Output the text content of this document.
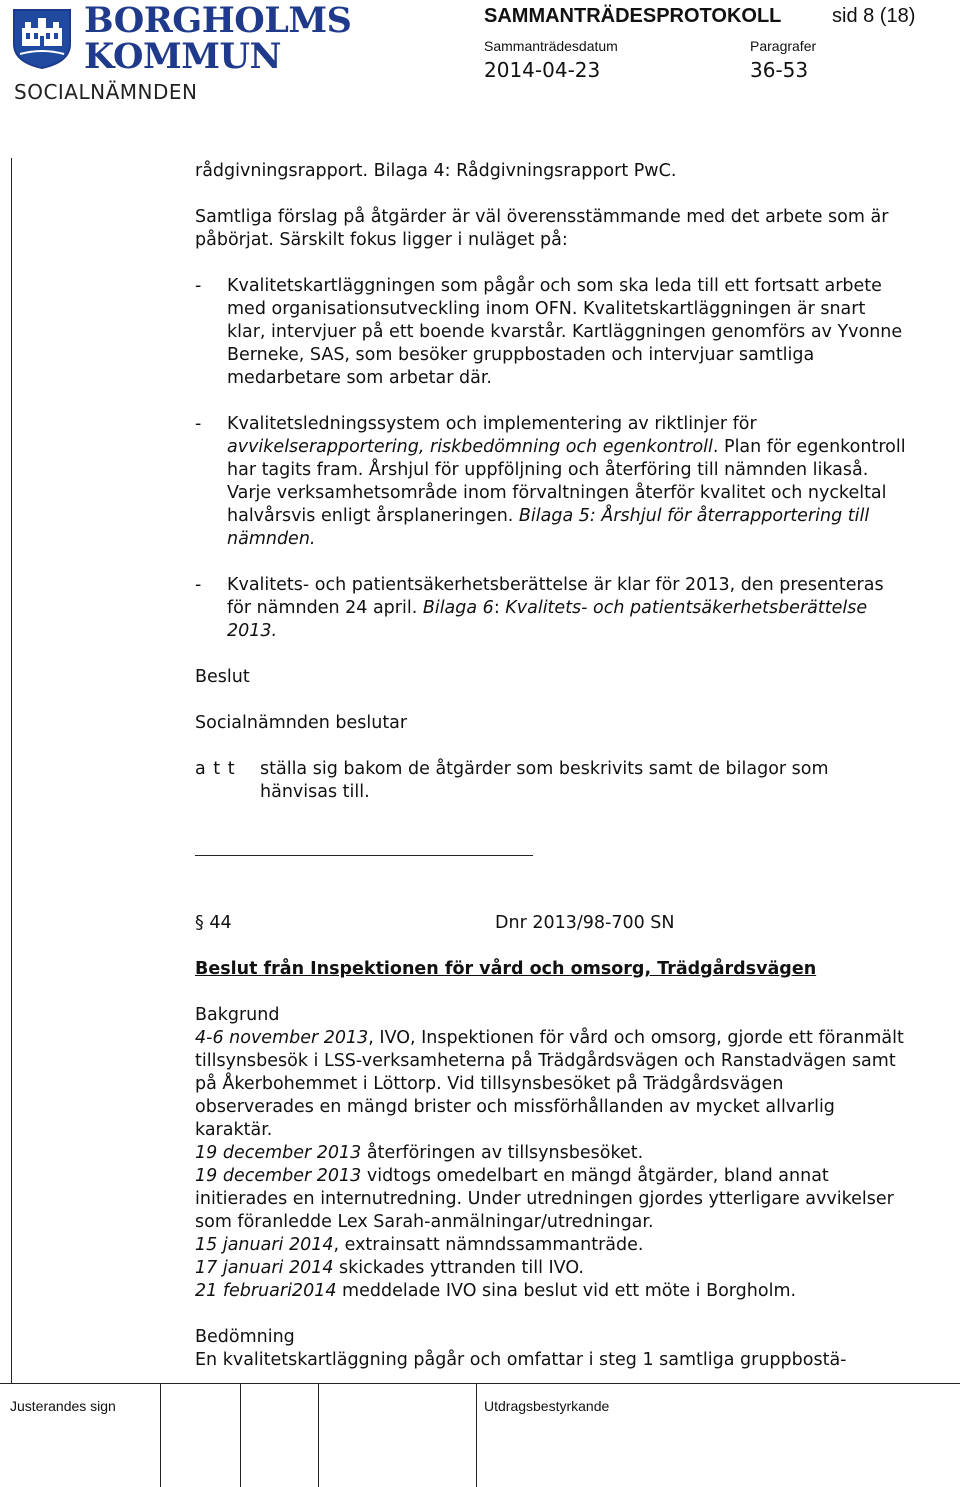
BORGHOLMS
KOMMUN
SOCIALNÄMNDEN
SAMMANTRÄDESPROTOKOLL	sid 8 (18)
Sammanträdesdatum	Paragrafer
2014-04-23	36-53

rådgivningsrapport. Bilaga 4: Rådgivningsrapport PwC.

Samtliga förslag på åtgärder är väl överensstämmande med det arbete som är påbörjat. Särskilt fokus ligger i nuläget på:

-	Kvalitetskartläggningen som pågår och som ska leda till ett fortsatt arbete med organisationsutveckling inom OFN. Kvalitetskartläggningen är snart klar, intervjuer på ett boende kvarstår. Kartläggningen genomförs av Yvonne Berneke, SAS, som besöker gruppbostaden och intervjuar samtliga medarbetare som arbetar där.
-	Kvalitetsledningssystem och implementering av riktlinjer för avvikelserapportering, riskbedömning och egenkontroll. Plan för egenkontroll har tagits fram. Årshjul för uppföljning och återföring till nämnden likaså. Varje verksamhetsområde inom förvaltningen återför kvalitet och nyckeltal halvårsvis enligt årsplaneringen. Bilaga 5: Årshjul för återrapportering till nämnden.
-	Kvalitets- och patientsäkerhetsberättelse är klar för 2013, den presenteras för nämnden 24 april. Bilaga 6: Kvalitets- och patientsäkerhetsberättelse 2013.

Beslut

Socialnämnden beslutar

a t t	ställa sig bakom de åtgärder som beskrivits samt de bilagor som hänvisas till.
§ 44	Dnr 2013/98-700 SN

Beslut från Inspektionen för vård och omsorg, Trädgårdsvägen

Bakgrund

4-6 november 2013, IVO, Inspektionen för vård och omsorg, gjorde ett föranmält tillsynsbesök i LSS-verksamheterna på Trädgårdsvägen och Ranstadvägen samt på Åkerbohemmet i Löttorp. Vid tillsynsbesöket på Trädgårdsvägen observerades en mängd brister och missförhållanden av mycket allvarlig karaktär.

19 december 2013 återföringen av tillsynsbesöket.

19 december 2013 vidtogs omedelbart en mängd åtgärder, bland annat initierades en internutredning. Under utredningen gjordes ytterligare avvikelser som föranledde Lex Sarah-anmälningar/utredningar.

15 januari 2014, extrainsatt nämndssammanträde.

17 januari 2014 skickades yttranden till IVO.

21 februari2014 meddelade IVO sina beslut vid ett möte i Borgholm.

Bedömning

En kvalitetskartläggning pågår och omfattar i steg 1 samtliga gruppbostä-

Justerandes sign	Utdragsbestyrkande
